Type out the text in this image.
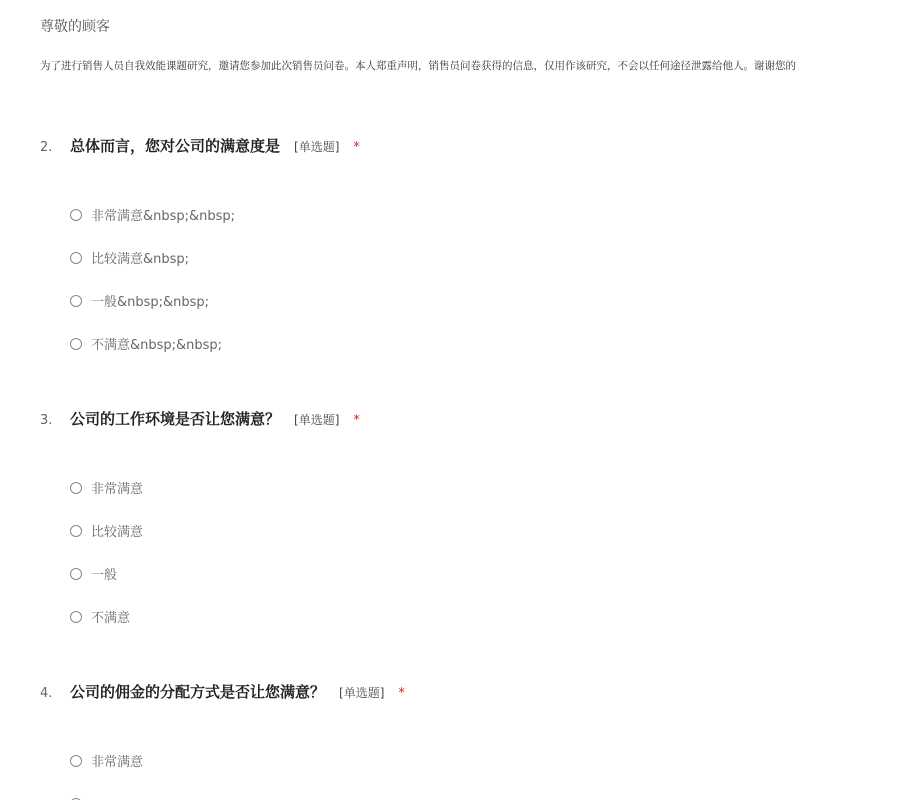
尊敬的顾客
为了进行销售人员自我效能课题研究，邀请您参加此次销售员问卷。本人郑重声明，销售员问卷获得的信息，仅用作该研究，不会以任何途径泄露给他人。谢谢您的
2.	总体而言，您对公司的满意度是 [单选题] *
非常满意&nbsp;&nbsp;
比较满意&nbsp;
一般&nbsp;&nbsp;
不满意&nbsp;&nbsp;
3.	公司的工作环境是否让您满意？ [单选题] *
非常满意
比较满意
一般
不满意
4.	公司的佣金的分配方式是否让您满意？ [单选题] *
非常满意
